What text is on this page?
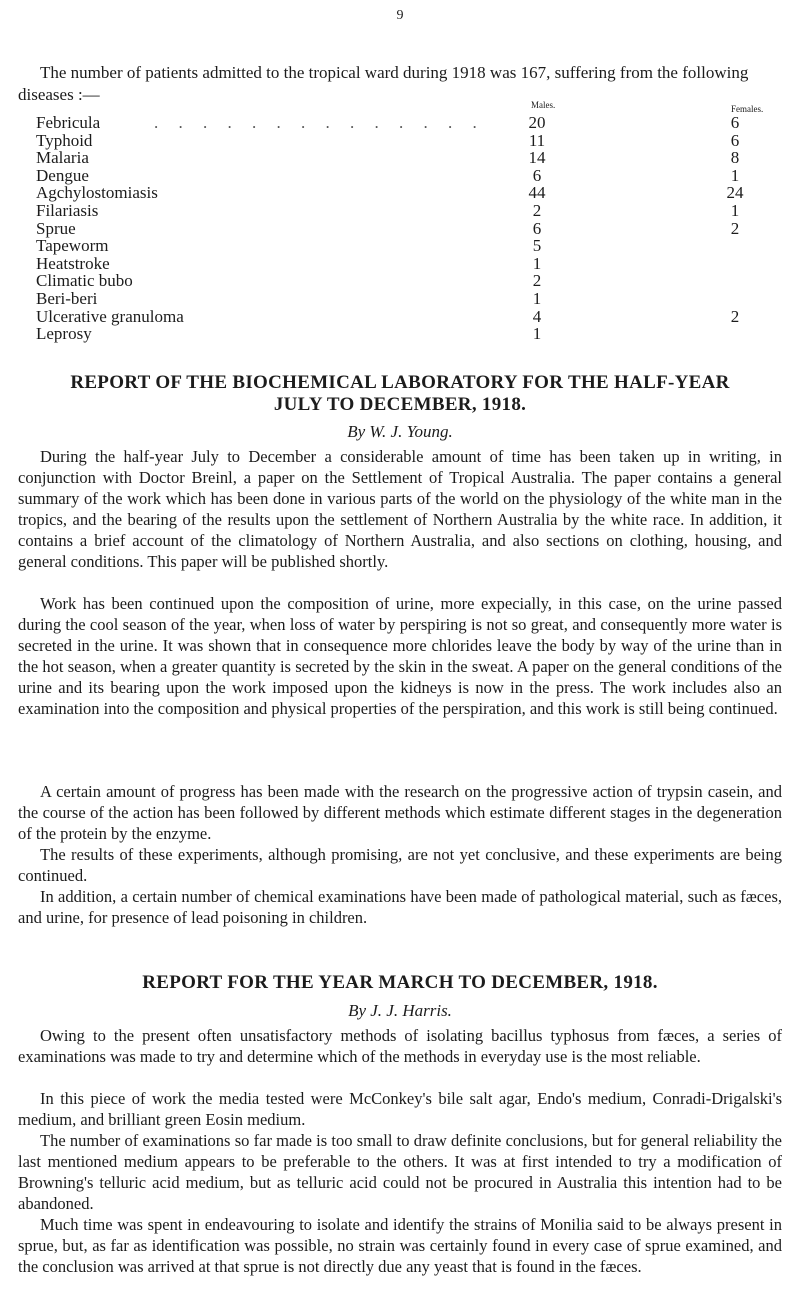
9
The number of patients admitted to the tropical ward during 1918 was 167, suffering from the following diseases :—
Males.	Females.
Febricula	. . . . . . . . . . . . . .	20	6
Typhoid	11	6
Malaria	14	8
Dengue	6	1
Agchylostomiasis	44	24
Filariasis	2	1
Sprue	6	2
Tapeworm	5
Heatstroke	1
Climatic bubo	2
Beri-beri	1
Ulcerative granuloma	4	2
Leprosy	1
REPORT OF THE BIOCHEMICAL LABORATORY FOR THE HALF-YEAR
JULY TO DECEMBER, 1918.
By W. J. Young.

During the half-year July to December a considerable amount of time has been taken up in writing, in conjunction with Doctor Breinl, a paper on the Settlement of Tropical Australia. The paper contains a general summary of the work which has been done in various parts of the world on the physiology of the white man in the tropics, and the bearing of the results upon the settlement of Northern Australia by the white race. In addition, it contains a brief account of the climatology of Northern Australia, and also sections on clothing, housing, and general conditions. This paper will be published shortly.

Work has been continued upon the composition of urine, more expecially, in this case, on the urine passed during the cool season of the year, when loss of water by perspiring is not so great, and consequently more water is secreted in the urine. It was shown that in consequence more chlorides leave the body by way of the urine than in the hot season, when a greater quantity is secreted by the skin in the sweat. A paper on the general conditions of the urine and its bearing upon the work imposed upon the kidneys is now in the press. The work includes also an examination into the composition and physical properties of the perspiration, and this work is still being continued.

A certain amount of progress has been made with the research on the progressive action of trypsin casein, and the course of the action has been followed by different methods which estimate different stages in the degeneration of the protein by the enzyme.

The results of these experiments, although promising, are not yet conclusive, and these experiments are being continued.

In addition, a certain number of chemical examinations have been made of pathological material, such as fæces, and urine, for presence of lead poisoning in children.

REPORT FOR THE YEAR MARCH TO DECEMBER, 1918.
By J. J. Harris.

Owing to the present often unsatisfactory methods of isolating bacillus typhosus from fæces, a series of examinations was made to try and determine which of the methods in everyday use is the most reliable.

In this piece of work the media tested were McConkey's bile salt agar, Endo's medium, Conradi-Drigalski's medium, and brilliant green Eosin medium.

The number of examinations so far made is too small to draw definite conclusions, but for general reliability the last mentioned medium appears to be preferable to the others. It was at first intended to try a modification of Browning's telluric acid medium, but as telluric acid could not be procured in Australia this intention had to be abandoned.

Much time was spent in endeavouring to isolate and identify the strains of Monilia said to be always present in sprue, but, as far as identification was possible, no strain was certainly found in every case of sprue examined, and the conclusion was arrived at that sprue is not directly due any yeast that is found in the fæces.
